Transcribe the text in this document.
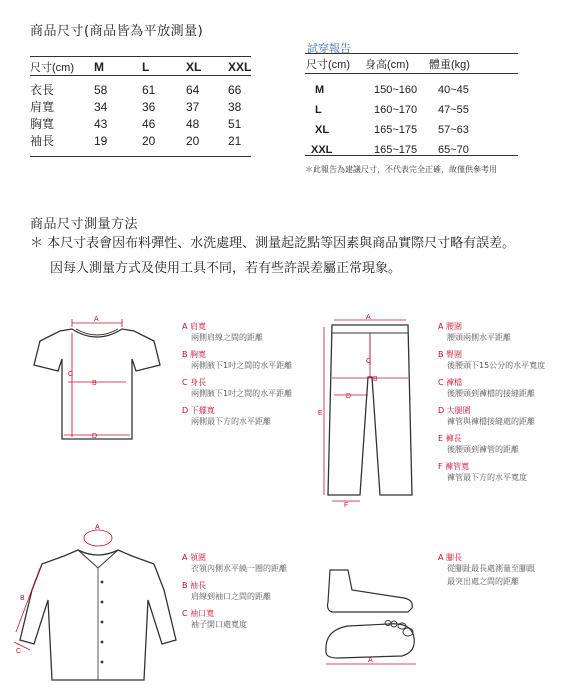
商品尺寸(商品皆為平放測量)
尺寸(cm)	M	L	XL	XXL
衣長	58	61	64	66
肩寬	34	36	37	38
胸寬	43	46	48	51
袖長	19	20	20	21
試穿報告
尺寸(cm)	身高(cm)	體重(kg)
M	150~160	40~45
L	160~170	47~55
XL	165~175	57~63
XXL	165~175	65~70
＊此報告為建議尺寸，不代表完全正確，故僅供參考用
商品尺寸測量方法
＊ 本尺寸表會因布料彈性、水洗處理、測量起訖點等因素與商品實際尺寸略有誤差。
因每人測量方式及使用工具不同，若有些許誤差屬正常現象。
A
B
C
D
A 肩寬
兩側肩線之間的距離
B 胸寬
兩側腋下1吋之間的水平距離
C 身長
兩側腋下1吋之間的水平距離
D 下擺寬
兩側最下方的水平距離
A
B
C
D
E
F
A 腰圍
腰頭兩側水平距離
B 臀圍
後腰頭下15公分的水平寬度
C 褲檔
後腰頭到褲檔的接縫距離
D 大腿圍
褲管與褲檔接縫處的距離
E 褲長
後腰頭到褲管的距離
F 褲管寬
褲管最下方的水平寬度
A
B
C
A 領圍
衣領內側水平繞一圈的距離
B 袖長
肩線到袖口之間的距離
C 袖口寬
袖子開口處寬度
A
A 腳長
從腳趾最長處測量至腳跟
最突出處之間的距離
